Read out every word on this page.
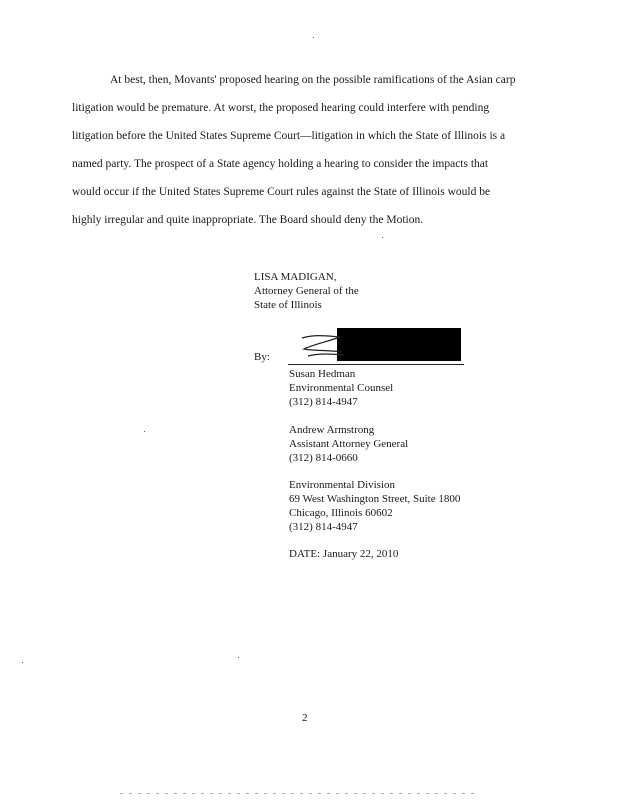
At best, then, Movants' proposed hearing on the possible ramifications of the Asian carp
litigation would be premature. At worst, the proposed hearing could interfere with pending
litigation before the United States Supreme Court—litigation in which the State of Illinois is a
named party. The prospect of a State agency holding a hearing to consider the impacts that
would occur if the United States Supreme Court rules against the State of Illinois would be
highly irregular and quite inappropriate. The Board should deny the Motion.
LISA MADIGAN,
Attorney General of the
State of Illinois
By:
Susan Hedman
Environmental Counsel
(312) 814-4947
Andrew Armstrong
Assistant Attorney General
(312) 814-0660
Environmental Division
69 West Washington Street, Suite 1800
Chicago, Illinois 60602
(312) 814-4947
DATE: January 22, 2010
2
